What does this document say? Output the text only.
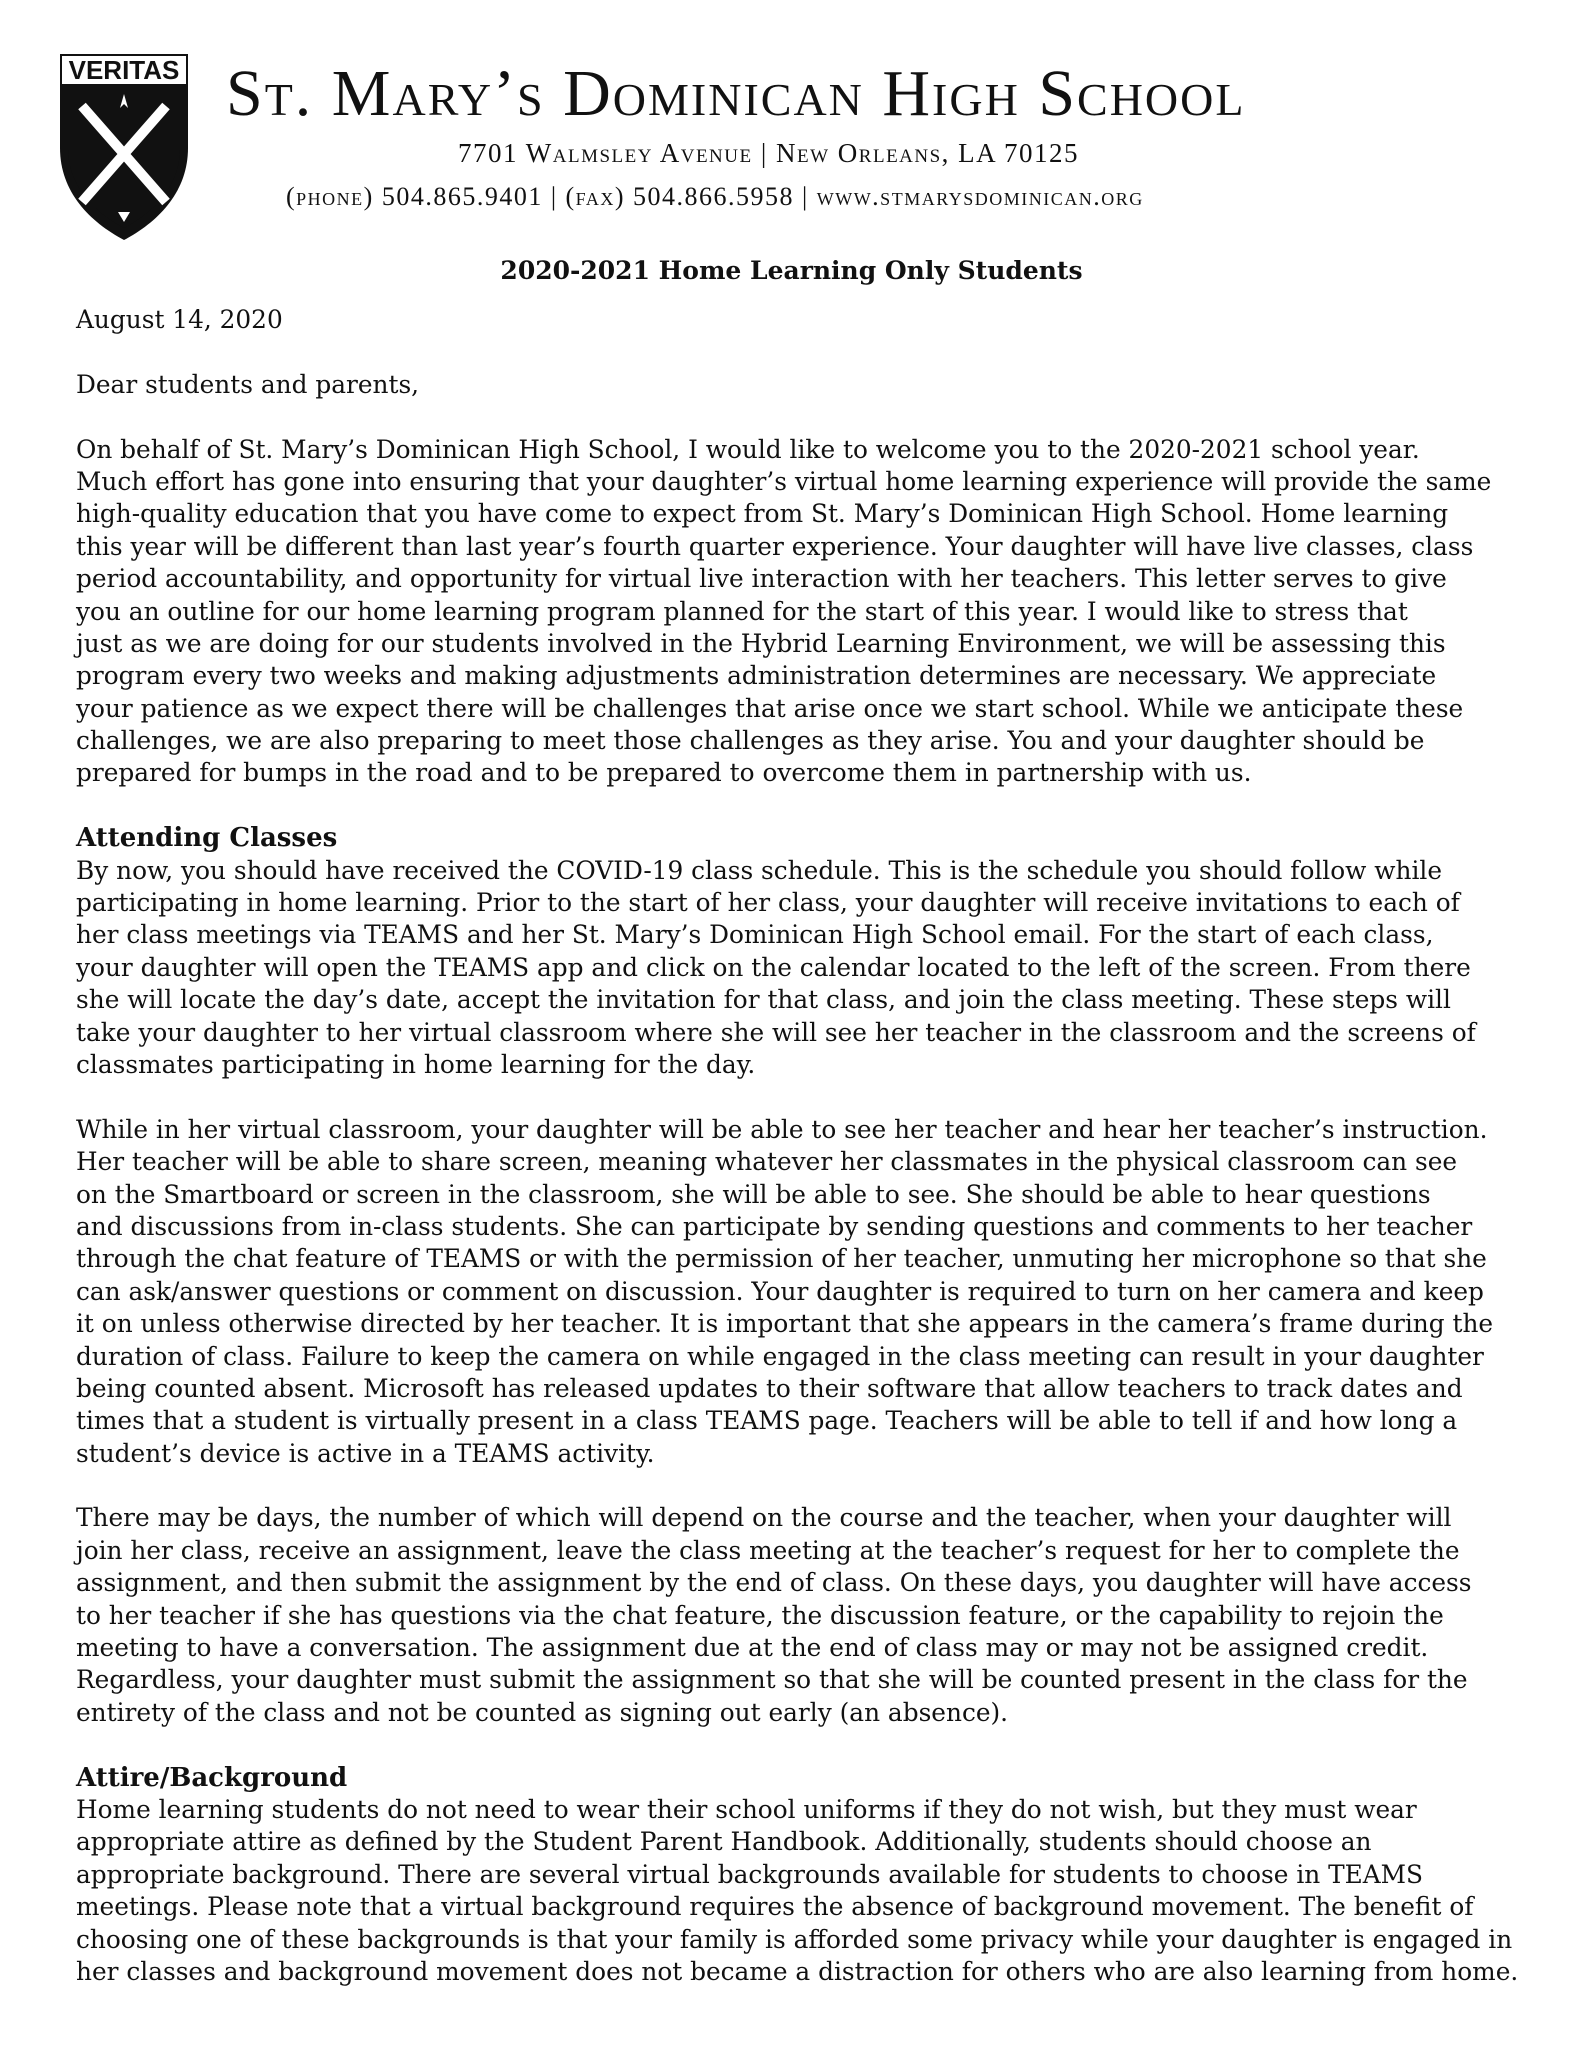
VERITAS St. Mary’s Dominican High School
7701 Walmsley Avenue | New Orleans, LA 70125
(phone) 504.865.9401 | (fax) 504.866.5958 | www.stmarysdominican.org
2020-2021 Home Learning Only Students
August 14, 2020
Dear students and parents,
On behalf of St. Mary’s Dominican High School, I would like to welcome you to the 2020-2021 school year.
Much effort has gone into ensuring that your daughter’s virtual home learning experience will provide the same
high-quality education that you have come to expect from St. Mary’s Dominican High School. Home learning
this year will be different than last year’s fourth quarter experience. Your daughter will have live classes, class
period accountability, and opportunity for virtual live interaction with her teachers. This letter serves to give
you an outline for our home learning program planned for the start of this year. I would like to stress that
just as we are doing for our students involved in the Hybrid Learning Environment, we will be assessing this
program every two weeks and making adjustments administration determines are necessary. We appreciate
your patience as we expect there will be challenges that arise once we start school. While we anticipate these
challenges, we are also preparing to meet those challenges as they arise. You and your daughter should be
prepared for bumps in the road and to be prepared to overcome them in partnership with us.
Attending Classes
By now, you should have received the COVID-19 class schedule. This is the schedule you should follow while
participating in home learning. Prior to the start of her class, your daughter will receive invitations to each of
her class meetings via TEAMS and her St. Mary’s Dominican High School email. For the start of each class,
your daughter will open the TEAMS app and click on the calendar located to the left of the screen. From there
she will locate the day’s date, accept the invitation for that class, and join the class meeting. These steps will
take your daughter to her virtual classroom where she will see her teacher in the classroom and the screens of
classmates participating in home learning for the day.
While in her virtual classroom, your daughter will be able to see her teacher and hear her teacher’s instruction.
Her teacher will be able to share screen, meaning whatever her classmates in the physical classroom can see
on the Smartboard or screen in the classroom, she will be able to see. She should be able to hear questions
and discussions from in-class students. She can participate by sending questions and comments to her teacher
through the chat feature of TEAMS or with the permission of her teacher, unmuting her microphone so that she
can ask/answer questions or comment on discussion. Your daughter is required to turn on her camera and keep
it on unless otherwise directed by her teacher. It is important that she appears in the camera’s frame during the
duration of class. Failure to keep the camera on while engaged in the class meeting can result in your daughter
being counted absent. Microsoft has released updates to their software that allow teachers to track dates and
times that a student is virtually present in a class TEAMS page. Teachers will be able to tell if and how long a
student’s device is active in a TEAMS activity.
There may be days, the number of which will depend on the course and the teacher, when your daughter will
join her class, receive an assignment, leave the class meeting at the teacher’s request for her to complete the
assignment, and then submit the assignment by the end of class. On these days, you daughter will have access
to her teacher if she has questions via the chat feature, the discussion feature, or the capability to rejoin the
meeting to have a conversation. The assignment due at the end of class may or may not be assigned credit.
Regardless, your daughter must submit the assignment so that she will be counted present in the class for the
entirety of the class and not be counted as signing out early (an absence).
Attire/Background
Home learning students do not need to wear their school uniforms if they do not wish, but they must wear
appropriate attire as defined by the Student Parent Handbook. Additionally, students should choose an
appropriate background. There are several virtual backgrounds available for students to choose in TEAMS
meetings. Please note that a virtual background requires the absence of background movement. The benefit of
choosing one of these backgrounds is that your family is afforded some privacy while your daughter is engaged in
her classes and background movement does not became a distraction for others who are also learning from home.
